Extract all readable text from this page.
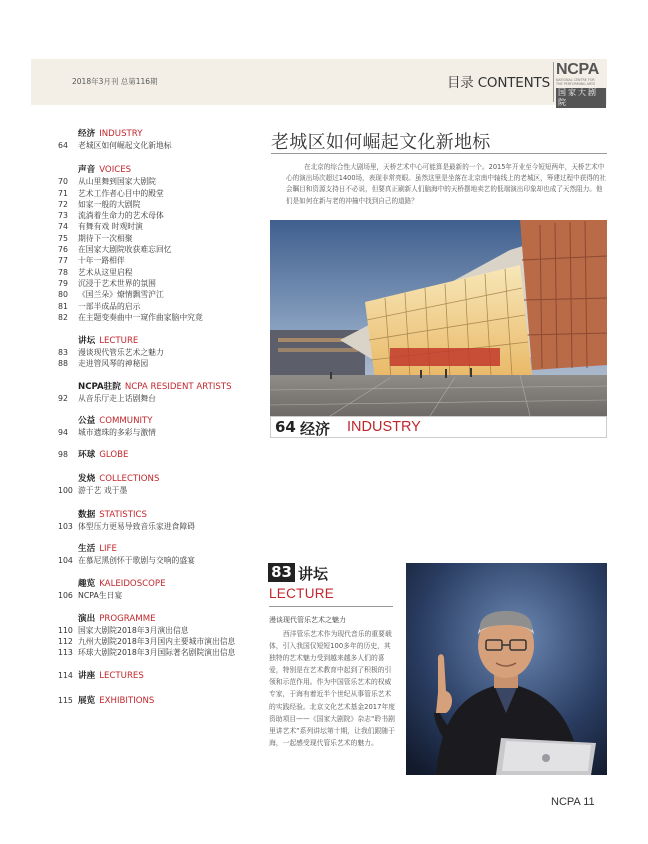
2018年3月刊 总第116期	目录 CONTENTS
NCPA
NATIONAL CENTRE FOR
THE PERFORMING ARTS
国家大剧院
经济 INDUSTRY
64	老城区如何崛起文化新地标
声音 VOICES
70	从山里舞到国家大剧院
71	艺术工作者心目中的殿堂
72	如家一般的大剧院
73	流淌着生命力的艺术母体
74	有舞有戏 时观时演
75	期待下一次相聚
76	在国家大剧院收获难忘回忆
77	十年一路相伴
78	艺术从这里启程
79	沉浸于艺术世界的氛围
80	《国兰朵》燎情飘雪沪江
81	一部半成品的启示
82	在主题变奏曲中一窥作曲家脑中究竟
讲坛 LECTURE
83	漫谈现代管乐艺术之魅力
88	走进管风琴的神秘园
NCPA驻院 NCPA RESIDENT ARTISTS
92	从音乐厅走上话剧舞台
公益 COMMUNITY
94	城市遗珠的多彩与激情
98 环球 GLOBE
发烧 COLLECTIONS
100 游于艺 戏于墨
数据 STATISTICS
103 体型压力更易导致音乐家进食障碍
生活 LIFE
104 在慕尼黑创怀于歌剧与交响的盛宴
趣览 KALEIDOSCOPE
106 NCPA生日宴
演出 PROGRAMME
110 国家大剧院2018年3月演出信息
112 九州大剧院2018年3月国内主要城市演出信息
113 环球大剧院2018年3月国际著名剧院演出信息
114 讲座 LECTURES
115 展览 EXHIBITIONS
老城区如何崛起文化新地标

在北京的综合性大剧场里，天桥艺术中心可能算是最新的一个。2015年开业至今短短两年，天桥艺术中心的演出场次超过1400场，表现非常亮眼。虽然这里是坐落在北京南中轴线上的老城区，筹建过程中获得的社会瞩目和资源支持日不必说，但要真正刷新人们脑海中的天桥摆地卖艺的低端演出印象却也成了天然阻力。他们是如何在新与老的冲撞中找到自己的道路？

64 经济 INDUSTRY
83 讲坛
LECTURE
漫谈现代管乐艺术之魅力

西洋管乐艺术作为现代音乐的重要载体，引入我国仅短短100多年的历史，其独特的艺术魅力受到越来越多人们的喜爱，特别是在艺术教育中起到了积极的引领和示范作用。作为中国管乐艺术的权威专家，于海有着近半个世纪从事管乐艺术的实践经验。北京文化艺术基金2017年度资助项目——《国家大剧院》杂志“聆书剧里讲艺术”系列讲坛第十期，让我们跟随于海，一起感受现代管乐艺术的魅力。

NCPA 11
